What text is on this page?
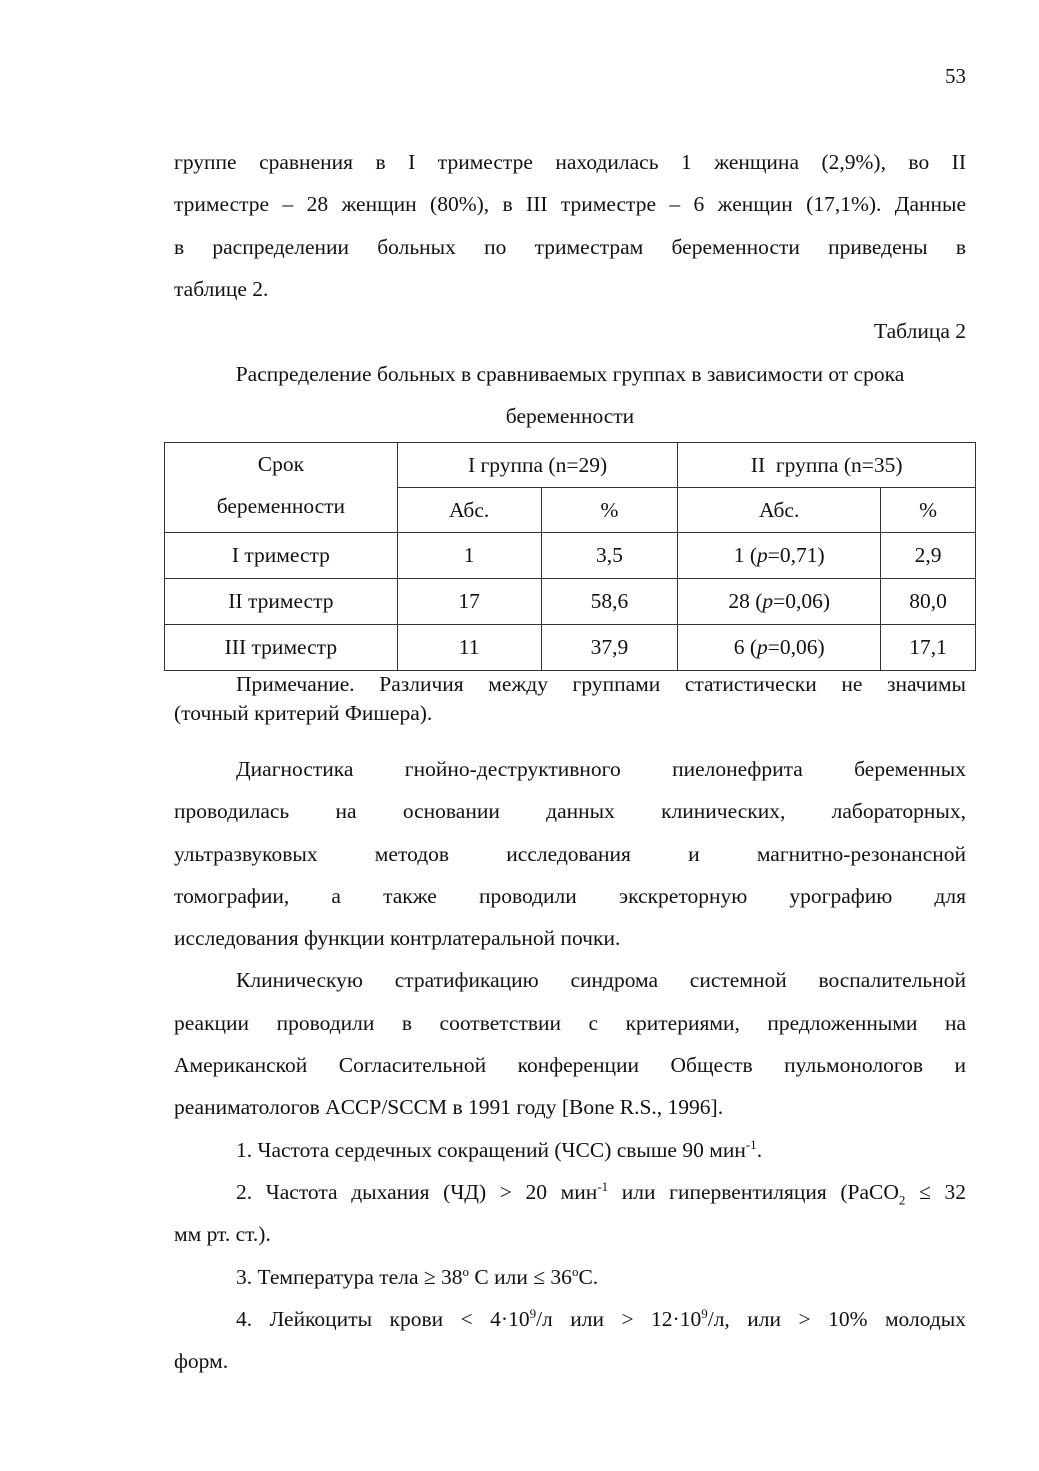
53

группе сравнения в I триместре находилась 1 женщина (2,9%), во II

триместре – 28 женщин (80%), в III триместре – 6 женщин (17,1%). Данные

в распределении больных по триместрам беременности приведены в

таблице 2.

Таблица 2
Распределение больных в сравниваемых группах в зависимости от срока
беременности
Срок
беременности	I группа (n=29)		II  группа (n=35)	
	Абс.	%	Абс.	%
I триместр	1	3,5	1 (p=0,71)	2,9
II триместр	17	58,6	28 (p=0,06)	80,0
III триместр	11	37,9	6 (p=0,06)	17,1
Примечание. Различия между группами статистически не значимы
(точный критерий Фишера).

Диагностика гнойно-деструктивного пиелонефрита беременных

проводилась на основании данных клинических, лабораторных,

ультразвуковых методов исследования и магнитно-резонансной

томографии, а также проводили экскреторную урографию для

исследования функции контрлатеральной почки.

Клиническую стратификацию синдрома системной воспалительной

реакции проводили в соответствии с критериями, предложенными на

Американской Согласительной конференции Обществ пульмонологов и

реаниматологов ACCP/SCCM в 1991 году [Bone R.S., 1996].

1. Частота сердечных сокращений (ЧСС) свыше 90 мин$^{-1}$.

2. Частота дыхания (ЧД) > 20 мин$^{-1}$ или гипервентиляция (PaCO$_2$ ≤ 32

мм рт. ст.).

3. Температура тела ≥ $38^o$ С или ≤ $36^oС$.

4. Лейкоциты крови < $4\cdot 10^9/л$ или > $12\cdot 10^9/л$, или > 10% молодых

форм.
